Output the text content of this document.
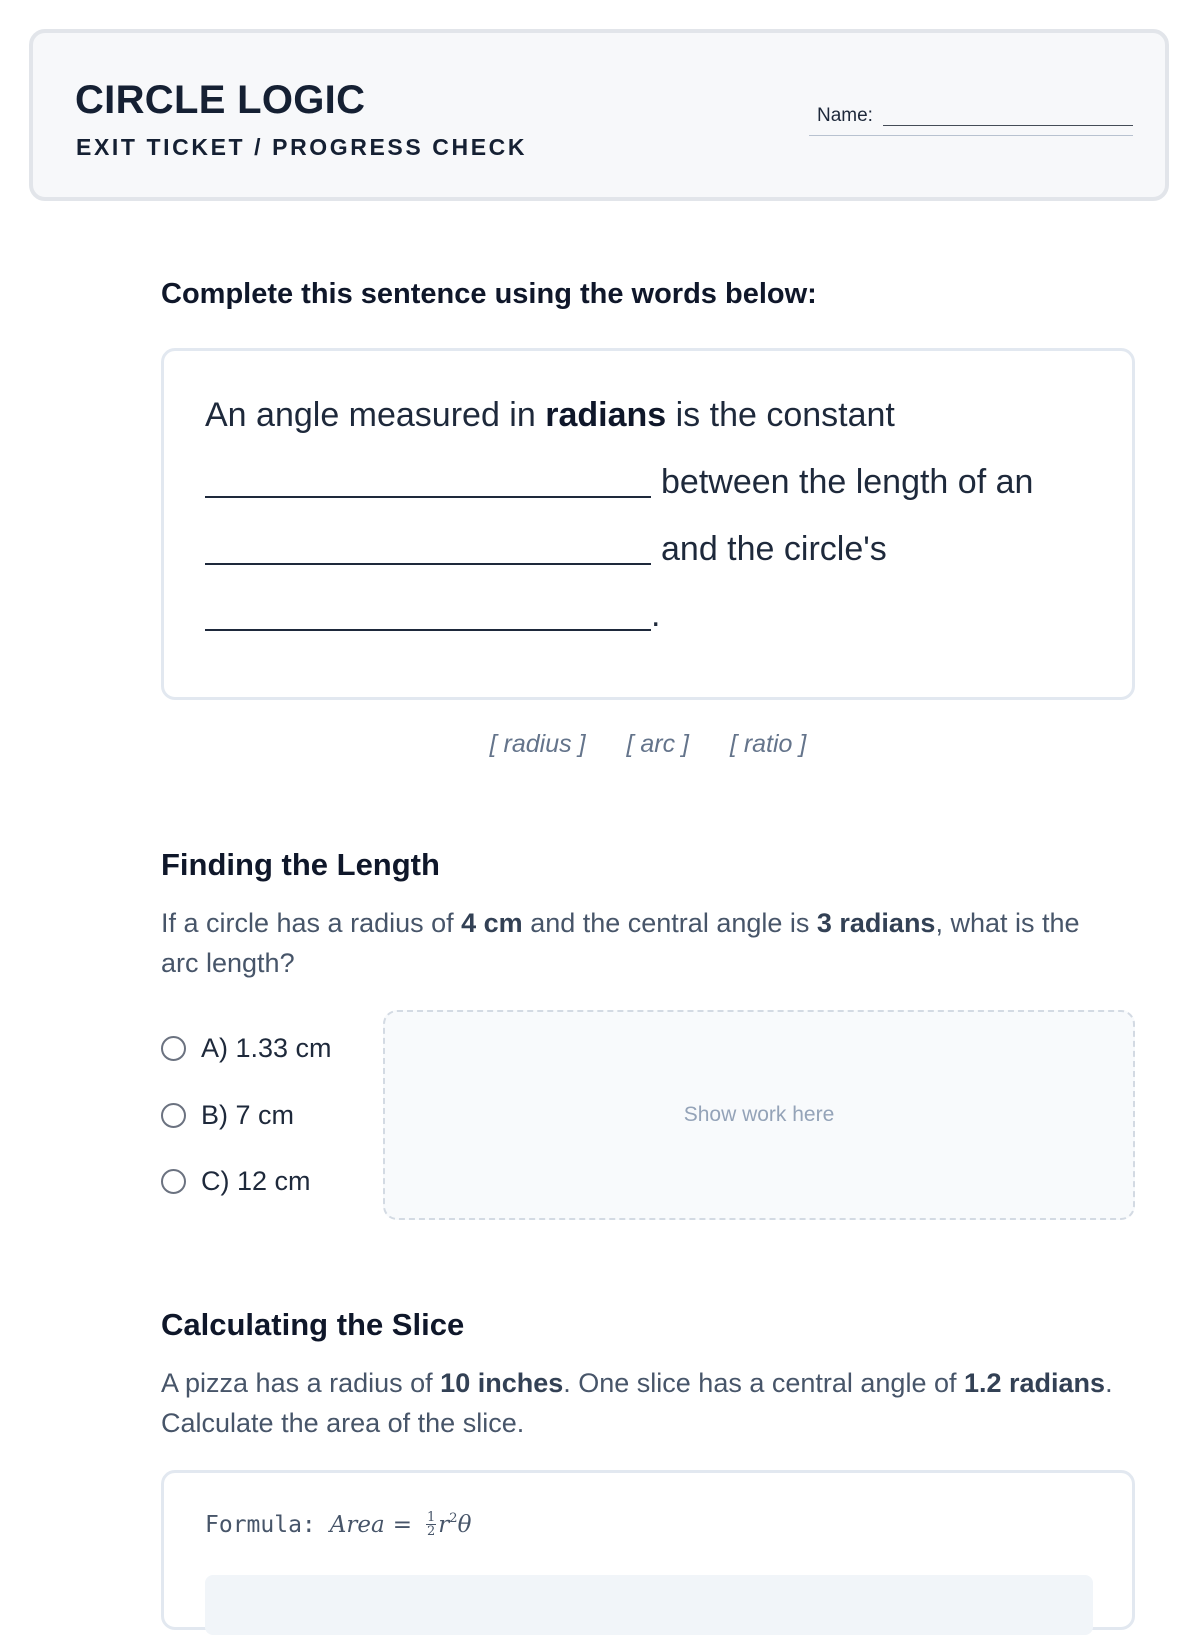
CIRCLE LOGIC
EXIT TICKET / PROGRESS CHECK
Name:
Complete this sentence using the words below:
An angle measured in radians is the constant
between the length of an
and the circle's
.
[ radius ] [ arc ] [ ratio ]
Finding the Length

If a circle has a radius of 4 cm and the central angle is 3 radians, what is the arc length?

A) 1.33 cm
B) 7 cm
C) 12 cm
Show work here
Calculating the Slice

A pizza has a radius of 10 inches. One slice has a central angle of 1.2 radians. Calculate the area of the slice.

Formula: Area = $\frac{1}{2} r^2$ θ
